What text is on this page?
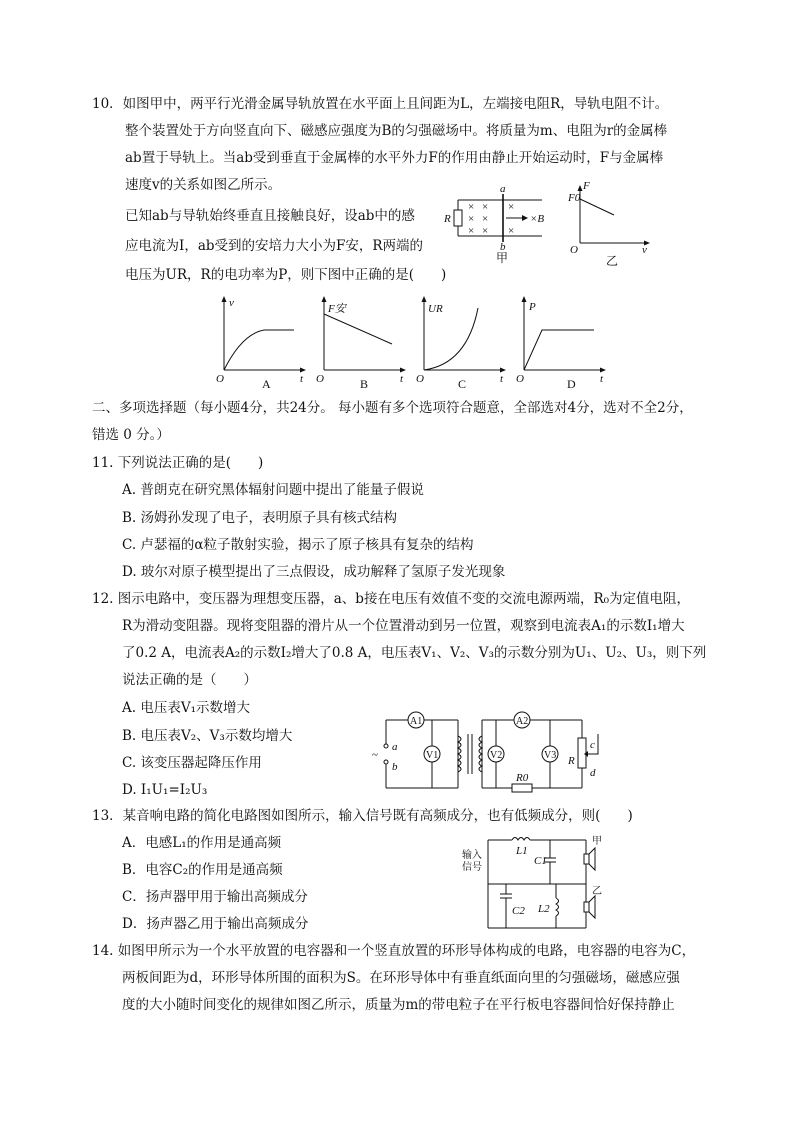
10．如图甲中，两平行光滑金属导轨放置在水平面上且间距为L，左端接电阻R，导轨电阻不计。
整个装置处于方向竖直向下、磁感应强度为B的匀强磁场中。将质量为m、电阻为r的金属棒
ab置于导轨上。当ab受到垂直于金属棒的水平外力F的作用由静止开始运动时，F与金属棒
速度v的关系如图乙所示。
已知ab与导轨始终垂直且接触良好，设ab中的感
应电流为I，ab受到的安培力大小为F安，R两端的
电压为UR，R的电功率为P，则下图中正确的是(　　)
× × ×
× ×
× × ×
R
a
b
×B
甲
F
F0
O	v
乙
v
t
O	A
F安
t
O	B
UR
t
O	C
P
t
O	D
二、多项选择题（每小题4分，共24分。 每小题有多个选项符合题意，全部选对4分，选对不全2分，
错选 0 分。）
11. 下列说法正确的是(　　)
A. 普朗克在研究黑体辐射问题中提出了能量子假说
B. 汤姆孙发现了电子，表明原子具有核式结构
C. 卢瑟福的α粒子散射实验，揭示了原子核具有复杂的结构
D. 玻尔对原子模型提出了三点假设，成功解释了氢原子发光现象
12. 图示电路中，变压器为理想变压器，a、b接在电压有效值不变的交流电源两端，R₀为定值电阻，
R为滑动变阻器。现将变阻器的滑片从一个位置滑动到另一位置，观察到电流表A₁的示数I₁增大
了0.2 A，电流表A₂的示数I₂增大了0.8 A，电压表V₁、V₂、V₃的示数分别为U₁、U₂、U₃，则下列
说法正确的是（　　）
A. 电压表V₁示数增大
B. 电压表V₂、V₃示数均增大
C. 该变压器起降压作用
D. I₁U₁=I₂U₃
~
a
b
A1
V1
A2
V2	V3
R0
R
c
d
13．某音响电路的简化电路图如图所示，输入信号既有高频成分，也有低频成分，则(　　)
A．电感L₁的作用是通高频
B．电容C₂的作用是通高频
C．扬声器甲用于输出高频成分
D．扬声器乙用于输出高频成分
输入
信号
L1
C1
甲
C2 L2
乙
14. 如图甲所示为一个水平放置的电容器和一个竖直放置的环形导体构成的电路，电容器的电容为C，
两板间距为d，环形导体所围的面积为S。在环形导体中有垂直纸面向里的匀强磁场，磁感应强
度的大小随时间变化的规律如图乙所示，质量为m的带电粒子在平行板电容器间恰好保持静止
